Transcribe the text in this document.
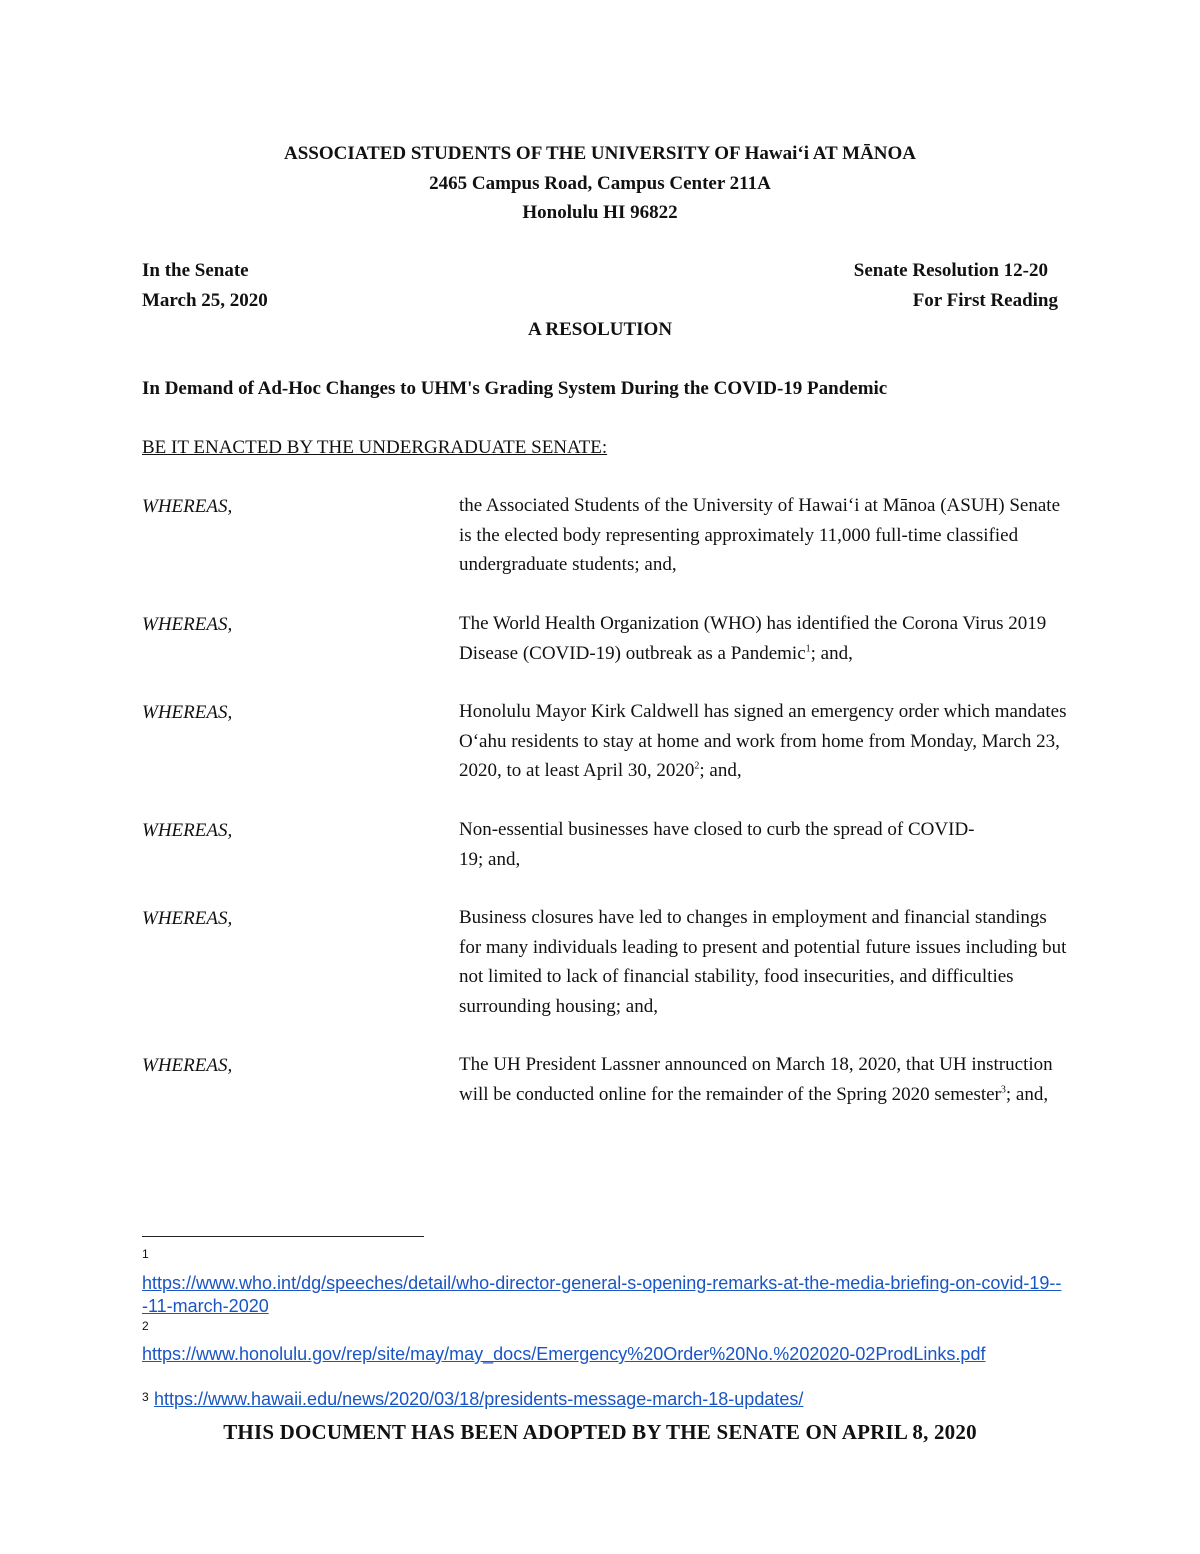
ASSOCIATED STUDENTS OF THE UNIVERSITY OF Hawaiʻi AT MĀNOA
2465 Campus Road, Campus Center 211A
Honolulu HI 96822
In the Senate
March 25, 2020
Senate Resolution 12-20
For First Reading
A RESOLUTION
In Demand of Ad-Hoc Changes to UHM's Grading System During the COVID-19 Pandemic
BE IT ENACTED BY THE UNDERGRADUATE SENATE:
WHEREAS,	the Associated Students of the University of Hawaiʻi at Mānoa (ASUH) Senate is the elected body representing approximately 11,000 full-time classified undergraduate students; and,
WHEREAS,	The World Health Organization (WHO) has identified the Corona Virus 2019 Disease (COVID-19) outbreak as a Pandemic$^1$; and,
WHEREAS,	Honolulu Mayor Kirk Caldwell has signed an emergency order which mandates Oʻahu residents to stay at home and work from home from Monday, March 23, 2020, to at least April 30, 2020$^2$; and,
WHEREAS,	Non-essential businesses have closed to curb the spread of COVID-19; and,
WHEREAS,	Business closures have led to changes in employment and financial standings for many individuals leading to present and potential future issues including but not limited to lack of financial stability, food insecurities, and difficulties surrounding housing; and,
WHEREAS,	The UH President Lassner announced on March 18, 2020, that UH instruction will be conducted online for the remainder of the Spring 2020 semester$^3$; and,
1
https://www.who.int/dg/speeches/detail/who-director-general-s-opening-remarks-at-the-media-briefing-on-covid-19---11-march-2020
2
https://www.honolulu.gov/rep/site/may/may_docs/Emergency%20Order%20No.%202020-02ProdLinks.pdf
3 https://www.hawaii.edu/news/2020/03/18/presidents-message-march-18-updates/
THIS DOCUMENT HAS BEEN ADOPTED BY THE SENATE ON APRIL 8, 2020
